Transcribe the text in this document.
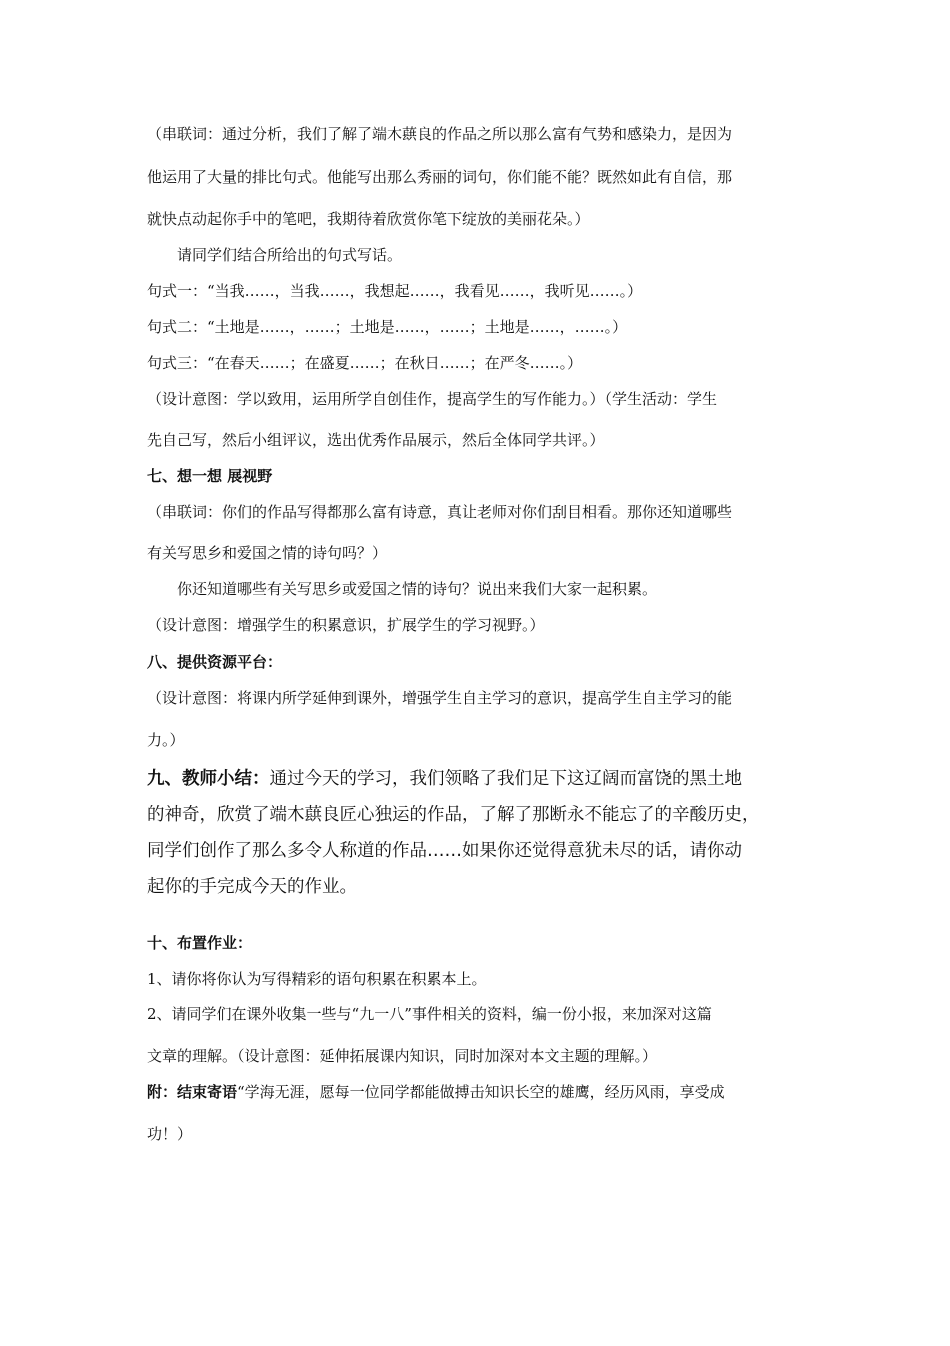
（串联词：通过分析，我们了解了端木蕻良的作品之所以那么富有气势和感染力，是因为
他运用了大量的排比句式。他能写出那么秀丽的词句，你们能不能？既然如此有自信，那
就快点动起你手中的笔吧，我期待着欣赏你笔下绽放的美丽花朵。）
请同学们结合所给出的句式写话。
句式一：“当我……，当我……，我想起……，我看见……，我听见……。）
句式二：“土地是……，……；土地是……，……；土地是……，……。）
句式三：“在春天……；在盛夏……；在秋日……；在严冬……。）
（设计意图：学以致用，运用所学自创佳作，提高学生的写作能力。）（学生活动：学生
先自己写，然后小组评议，选出优秀作品展示，然后全体同学共评。）
七、想一想 展视野
（串联词：你们的作品写得都那么富有诗意，真让老师对你们刮目相看。那你还知道哪些
有关写思乡和爱国之情的诗句吗？）
你还知道哪些有关写思乡或爱国之情的诗句？说出来我们大家一起积累。
（设计意图：增强学生的积累意识，扩展学生的学习视野。）
八、提供资源平台：
（设计意图：将课内所学延伸到课外，增强学生自主学习的意识，提高学生自主学习的能
力。）
九、教师小结：通过今天的学习，我们领略了我们足下这辽阔而富饶的黑土地
的神奇，欣赏了端木蕻良匠心独运的作品，了解了那断永不能忘了的辛酸历史，
同学们创作了那么多令人称道的作品……如果你还觉得意犹未尽的话，请你动
起你的手完成今天的作业。
十、布置作业：
1、请你将你认为写得精彩的语句积累在积累本上。
2、请同学们在课外收集一些与“九一八”事件相关的资料，编一份小报，来加深对这篇
文章的理解。（设计意图：延伸拓展课内知识，同时加深对本文主题的理解。）
附：结束寄语“学海无涯，愿每一位同学都能做搏击知识长空的雄鹰，经历风雨，享受成
功！）
